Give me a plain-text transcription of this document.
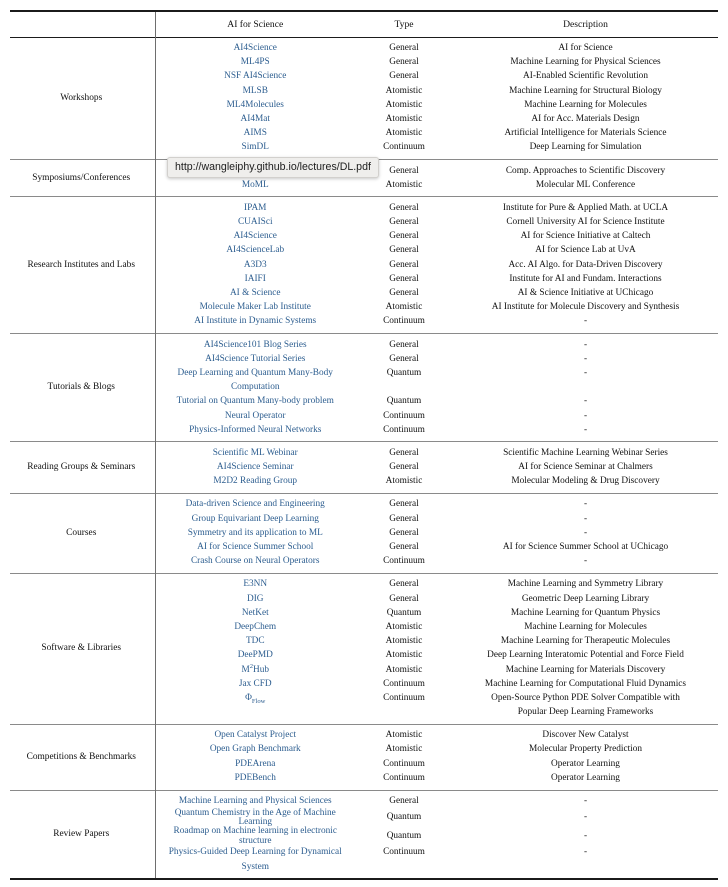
	AI for Science	Type	Description

Workshops	AI4Science	General	AI for Science
	ML4PS	General	Machine Learning for Physical Sciences
	NSF AI4Science	General	AI-Enabled Scientific Revolution
	MLSB	Atomistic	Machine Learning for Structural Biology
	ML4Molecules	Atomistic	Machine Learning for Molecules
	AI4Mat	Atomistic	AI for Acc. Materials Design
	AIMS	Atomistic	Artificial Intelligence for Materials Science
	SimDL	Continuum	Deep Learning for Simulation

Symposiums/Conferences		General	Comp. Approaches to Scientific Discovery
	MoML	Atomistic	Molecular ML Conference

Research Institutes and Labs	IPAM	General	Institute for Pure & Applied Math. at UCLA
	CUAISci	General	Cornell University AI for Science Institute
	AI4Science	General	AI for Science Initiative at Caltech
	AI4ScienceLab	General	AI for Science Lab at UvA
	A3D3	General	Acc. AI Algo. for Data-Driven Discovery
	IAIFI	General	Institute for AI and Fundam. Interactions
	AI & Science	General	AI & Science Initiative at UChicago
	Molecule Maker Lab Institute	Atomistic	AI Institute for Molecule Discovery and Synthesis
	AI Institute in Dynamic Systems	Continuum	-

Tutorials & Blogs	AI4Science101 Blog Series	General	-
	AI4Science Tutorial Series	General	-
	Deep Learning and Quantum Many-Body	Quantum	-
	Computation		
	Tutorial on Quantum Many-body problem	Quantum	-
	Neural Operator	Continuum	-
	Physics-Informed Neural Networks	Continuum	-

Reading Groups & Seminars	Scientific ML Webinar	General	Scientific Machine Learning Webinar Series
	AI4Science Seminar	General	AI for Science Seminar at Chalmers
	M2D2 Reading Group	Atomistic	Molecular Modeling & Drug Discovery

Courses	Data-driven Science and Engineering	General	-
	Group Equivariant Deep Learning	General	-
	Symmetry and its application to ML	General	-
	AI for Science Summer School	General	AI for Science Summer School at UChicago
	Crash Course on Neural Operators	Continuum	-

Software & Libraries	E3NN	General	Machine Learning and Symmetry Library
	DIG	General	Geometric Deep Learning Library
	NetKet	Quantum	Machine Learning for Quantum Physics
	DeepChem	Atomistic	Machine Learning for Molecules
	TDC	Atomistic	Machine Learning for Therapeutic Molecules
	DeePMD	Atomistic	Deep Learning Interatomic Potential and Force Field
	$M^2Hub$	Atomistic	Machine Learning for Materials Discovery
	Jax CFD	Continuum	Machine Learning for Computational Fluid Dynamics
	$\Phi_{Flow}$	Continuum	Open-Source Python PDE Solver Compatible with
			Popular Deep Learning Frameworks

Competitions & Benchmarks	Open Catalyst Project	Atomistic	Discover New Catalyst
	Open Graph Benchmark	Atomistic	Molecular Property Prediction
	PDEArena	Continuum	Operator Learning
	PDEBench	Continuum	Operator Learning

Review Papers	Machine Learning and Physical Sciences	General	-
	Quantum Chemistry in the Age of Machine Learning	Quantum	-
	Roadmap on Machine learning in electronic structure	Quantum	-
	Physics-Guided Deep Learning for Dynamical	Continuum	-
	System		

http://wangleiphy.github.io/lectures/DL.pdf
